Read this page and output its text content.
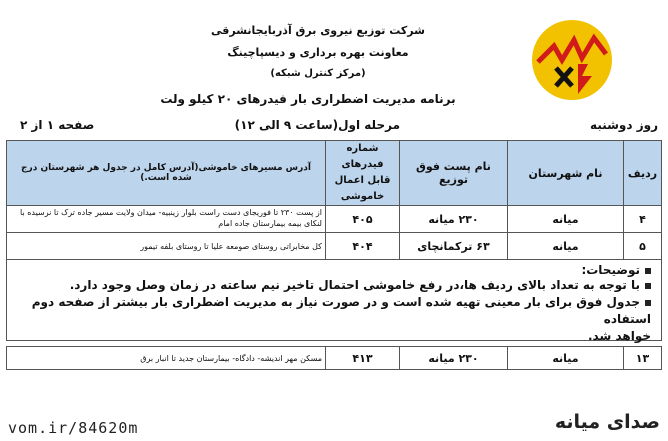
شرکت توزیع نیروی برق آذربایجانشرقی
معاونت بهره برداری و دیسپاچینگ
(مرکز کنترل شبکه)
برنامه مدیریت اضطراری بار فیدرهای ۲۰ کیلو ولت
روز دوشنبه
مرحله اول(ساعت ۹ الی ۱۲)
صفحه ۱ از ۲
ردیف	نام شهرستان	نام پست فوق توزیع	شماره فیدرهای قابل اعمال خاموشی	آدرس مسیرهای خاموشی(آدرس کامل در جدول هر شهرستان درج شده است.)
۴	میانه	۲۳۰ میانه	۴۰۵	از پست ۲۳۰ تا فوریجای دست راست بلوار زینبیه- میدان ولایت مسیر جاده ترک تا نرسیده با
لنکای بیمه بیمارستان جاده امام

۵	میانه	۶۳ ترکمانچای	۴۰۴	کل مخابراتی روستای صومعه علیا تا روستای بلفه تیمور
توضیحات:
با توجه به تعداد بالای ردیف ها،در رفع خاموشی احتمال تاخیر نیم ساعته در زمان وصل وجود دارد.
جدول فوق برای بار معینی تهیه شده است و در صورت نیاز به مدیریت اضطراری بار بیشتر از صفحه دوم استفاده
خواهد شد.
۱۳	میانه	۲۳۰ میانه	۴۱۳	مسکن مهر اندیشه- دادگاه- بیمارستان جدید تا انبار برق
vom.ir/84620m	صدای میانه
